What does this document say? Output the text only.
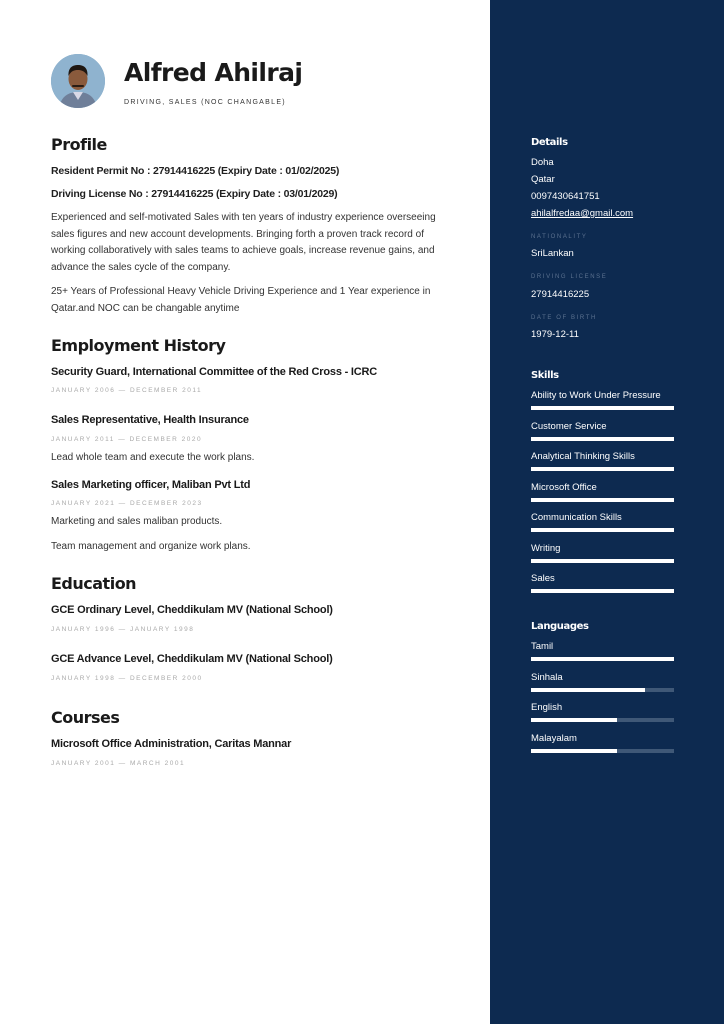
Alfred Ahilraj
DRIVING, SALES (NOC CHANGABLE)
Profile
Resident Permit No : 27914416225 (Expiry Date : 01/02/2025)
Driving License No : 27914416225 (Expiry Date : 03/01/2029)

Experienced and self-motivated Sales with ten years of industry experience overseeing sales figures and new account developments. Bringing forth a proven track record of working collaboratively with sales teams to achieve goals, increase revenue gains, and advance the sales cycle of the company.

25+ Years of Professional Heavy Vehicle Driving Experience and 1 Year experience in Qatar.and NOC can be changable anytime

Employment History
Security Guard, International Committee of the Red Cross - ICRC
JANUARY 2006 — DECEMBER 2011
Sales Representative, Health Insurance
JANUARY 2011 — DECEMBER 2020
Lead whole team and execute the work plans.
Sales Marketing officer, Maliban Pvt Ltd
JANUARY 2021 — DECEMBER 2023
Marketing and sales maliban products.
Team management and organize work plans.
Education
GCE Ordinary Level, Cheddikulam MV (National School)
JANUARY 1996 — JANUARY 1998
GCE Advance Level, Cheddikulam MV (National School)
JANUARY 1998 — DECEMBER 2000
Courses
Microsoft Office Administration, Caritas Mannar
JANUARY 2001 — MARCH 2001
Details
Doha
Qatar
0097430641751
ahilalfredaa@gmail.com
NATIONALITY
SriLankan
DRIVING LICENSE
27914416225
DATE OF BIRTH
1979-12-11
Skills
Ability to Work Under Pressure
Customer Service
Analytical Thinking Skills
Microsoft Office
Communication Skills
Writing
Sales
Languages
Tamil
Sinhala
English
Malayalam
